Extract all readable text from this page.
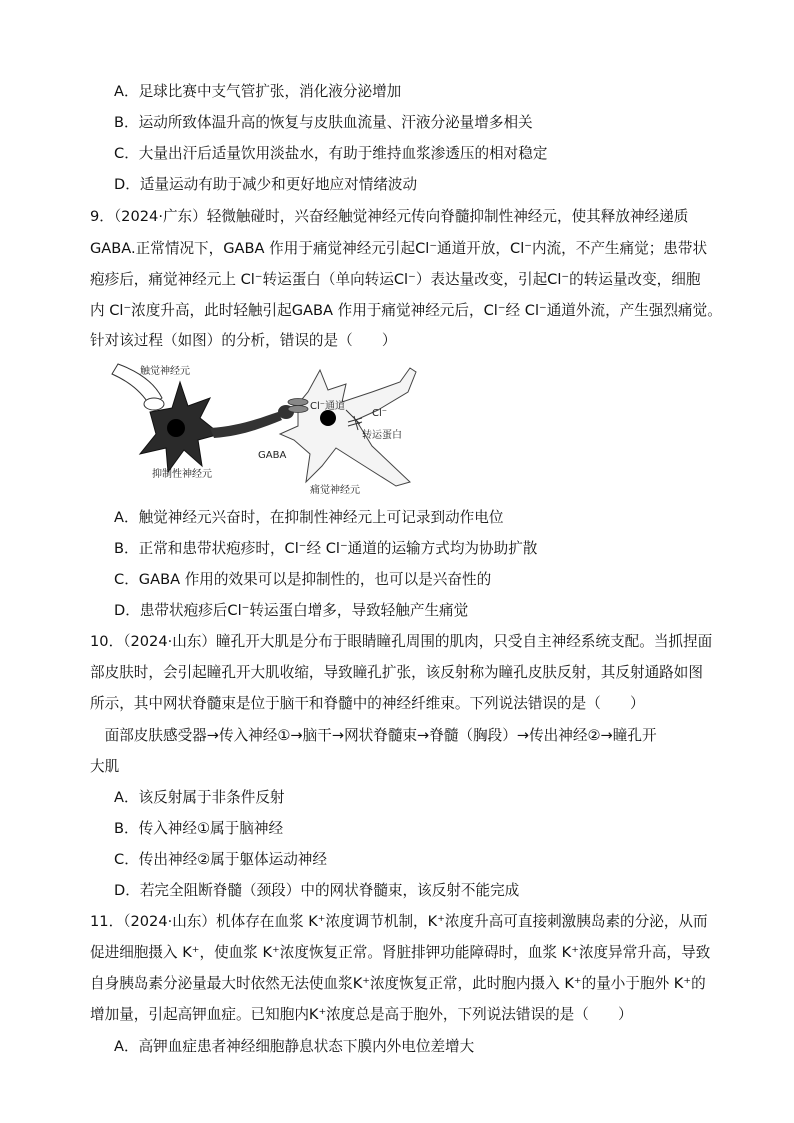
A．足球比赛中支气管扩张，消化液分泌增加
B．运动所致体温升高的恢复与皮肤血流量、汗液分泌量增多相关
C．大量出汗后适量饮用淡盐水，有助于维持血浆渗透压的相对稳定
D．适量运动有助于减少和更好地应对情绪波动
9．（2024·广东）轻微触碰时，兴奋经触觉神经元传向脊髓抑制性神经元，使其释放神经递质
GABA.正常情况下，GABA 作用于痛觉神经元引起Cl⁻通道开放，Cl⁻内流，不产生痛觉；患带状
疱疹后，痛觉神经元上 Cl⁻转运蛋白（单向转运Cl⁻）表达量改变，引起Cl⁻的转运量改变，细胞
内 Cl⁻浓度升高，此时轻触引起GABA 作用于痛觉神经元后，Cl⁻经 Cl⁻通道外流，产生强烈痛觉。
针对该过程（如图）的分析，错误的是（　　）
触觉神经元
Cl⁻通道
Cl⁻
转运蛋白
GABA
抑制性神经元
痛觉神经元
A．触觉神经元兴奋时，在抑制性神经元上可记录到动作电位
B．正常和患带状疱疹时，Cl⁻经 Cl⁻通道的运输方式均为协助扩散
C．GABA 作用的效果可以是抑制性的，也可以是兴奋性的
D．患带状疱疹后Cl⁻转运蛋白增多，导致轻触产生痛觉
10．（2024·山东）瞳孔开大肌是分布于眼睛瞳孔周围的肌肉，只受自主神经系统支配。当抓捏面
部皮肤时，会引起瞳孔开大肌收缩，导致瞳孔扩张，该反射称为瞳孔皮肤反射，其反射通路如图
所示，其中网状脊髓束是位于脑干和脊髓中的神经纤维束。下列说法错误的是（　　）
　面部皮肤感受器→传入神经①→脑干→网状脊髓束→脊髓（胸段）→传出神经②→瞳孔开
大肌
A．该反射属于非条件反射
B．传入神经①属于脑神经
C．传出神经②属于躯体运动神经
D．若完全阻断脊髓（颈段）中的网状脊髓束，该反射不能完成
11．（2024·山东）机体存在血浆 K⁺浓度调节机制，K⁺浓度升高可直接刺激胰岛素的分泌，从而
促进细胞摄入 K⁺，使血浆 K⁺浓度恢复正常。肾脏排钾功能障碍时，血浆 K⁺浓度异常升高，导致
自身胰岛素分泌量最大时依然无法使血浆K⁺浓度恢复正常，此时胞内摄入 K⁺的量小于胞外 K⁺的
增加量，引起高钾血症。已知胞内K⁺浓度总是高于胞外，下列说法错误的是（　　）
A．高钾血症患者神经细胞静息状态下膜内外电位差增大
